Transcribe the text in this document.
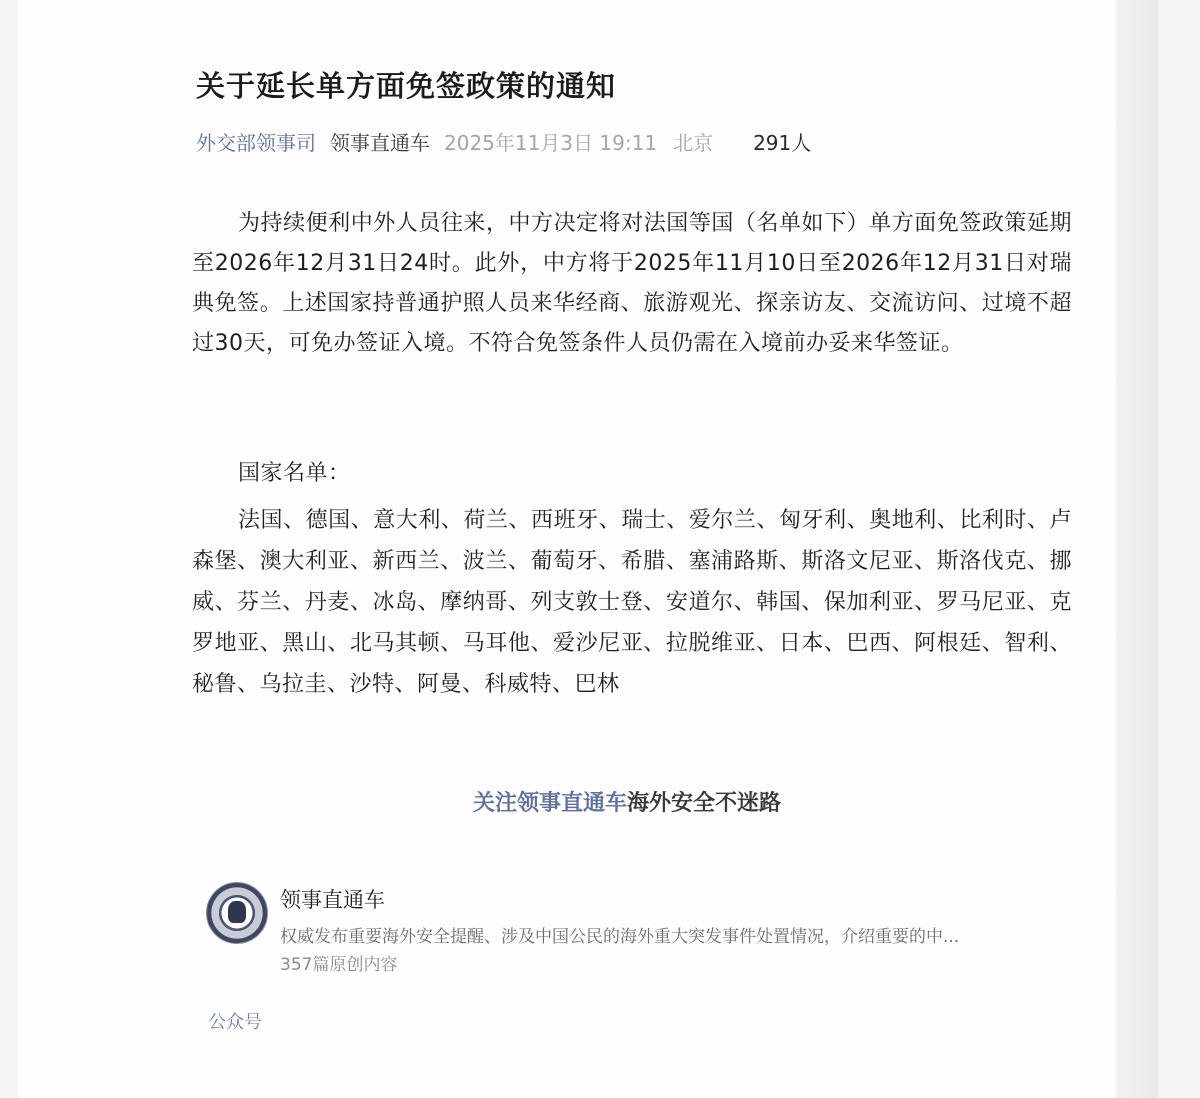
关于延长单方面免签政策的通知
外交部领事司 领事直通车 2025年11月3日 19:11 北京 291人

为持续便利中外人员往来，中方决定将对法国等国（名单如下）单方面免签政策延期至2026年12月31日24时。此外，中方将于2025年11月10日至2026年12月31日对瑞典免签。上述国家持普通护照人员来华经商、旅游观光、探亲访友、交流访问、过境不超过30天，可免办签证入境。不符合免签条件人员仍需在入境前办妥来华签证。

国家名单：

法国、德国、意大利、荷兰、西班牙、瑞士、爱尔兰、匈牙利、奥地利、比利时、卢森堡、澳大利亚、新西兰、波兰、葡萄牙、希腊、塞浦路斯、斯洛文尼亚、斯洛伐克、挪威、芬兰、丹麦、冰岛、摩纳哥、列支敦士登、安道尔、韩国、保加利亚、罗马尼亚、克罗地亚、黑山、北马其顿、马耳他、爱沙尼亚、拉脱维亚、日本、巴西、阿根廷、智利、秘鲁、乌拉圭、沙特、阿曼、科威特、巴林

关注领事直通车海外安全不迷路
领事直通车
权威发布重要海外安全提醒、涉及中国公民的海外重大突发事件处置情况，介绍重要的中...
357篇原创内容
公众号
